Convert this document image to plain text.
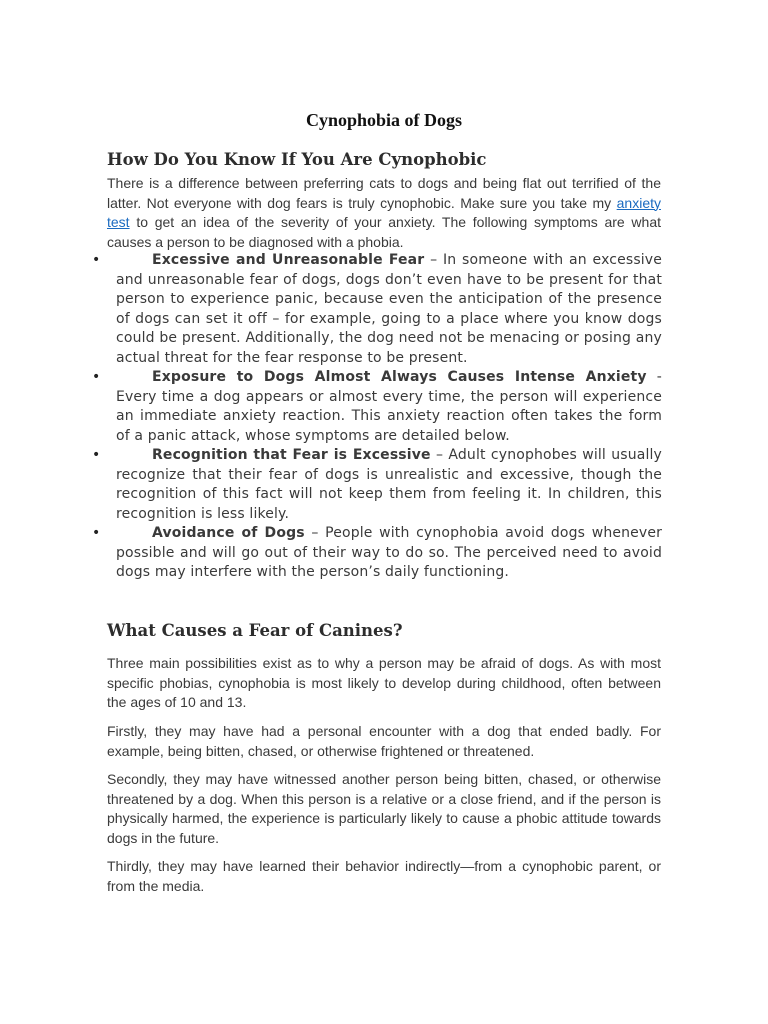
Cynophobia of Dogs
How Do You Know If You Are Cynophobic

There is a difference between preferring cats to dogs and being flat out terrified of the latter. Not everyone with dog fears is truly cynophobic. Make sure you take my anxiety test to get an idea of the severity of your anxiety. The following symptoms are what causes a person to be diagnosed with a phobia.

•	Excessive and Unreasonable Fear – In someone with an excessive and unreasonable fear of dogs, dogs don’t even have to be present for that person to experience panic, because even the anticipation of the presence of dogs can set it off – for example, going to a place where you know dogs could be present. Additionally, the dog need not be menacing or posing any actual threat for the fear response to be present.
•	Exposure to Dogs Almost Always Causes Intense Anxiety - Every time a dog appears or almost every time, the person will experience an immediate anxiety reaction. This anxiety reaction often takes the form of a panic attack, whose symptoms are detailed below.
•	Recognition that Fear is Excessive – Adult cynophobes will usually recognize that their fear of dogs is unrealistic and excessive, though the recognition of this fact will not keep them from feeling it. In children, this recognition is less likely.
•	Avoidance of Dogs – People with cynophobia avoid dogs whenever possible and will go out of their way to do so. The perceived need to avoid dogs may interfere with the person’s daily functioning.
What Causes a Fear of Canines?

Three main possibilities exist as to why a person may be afraid of dogs. As with most specific phobias, cynophobia is most likely to develop during childhood, often between the ages of 10 and 13.

Firstly, they may have had a personal encounter with a dog that ended badly. For example, being bitten, chased, or otherwise frightened or threatened.

Secondly, they may have witnessed another person being bitten, chased, or otherwise threatened by a dog. When this person is a relative or a close friend, and if the person is physically harmed, the experience is particularly likely to cause a phobic attitude towards dogs in the future.

Thirdly, they may have learned their behavior indirectly—from a cynophobic parent, or from the media.
